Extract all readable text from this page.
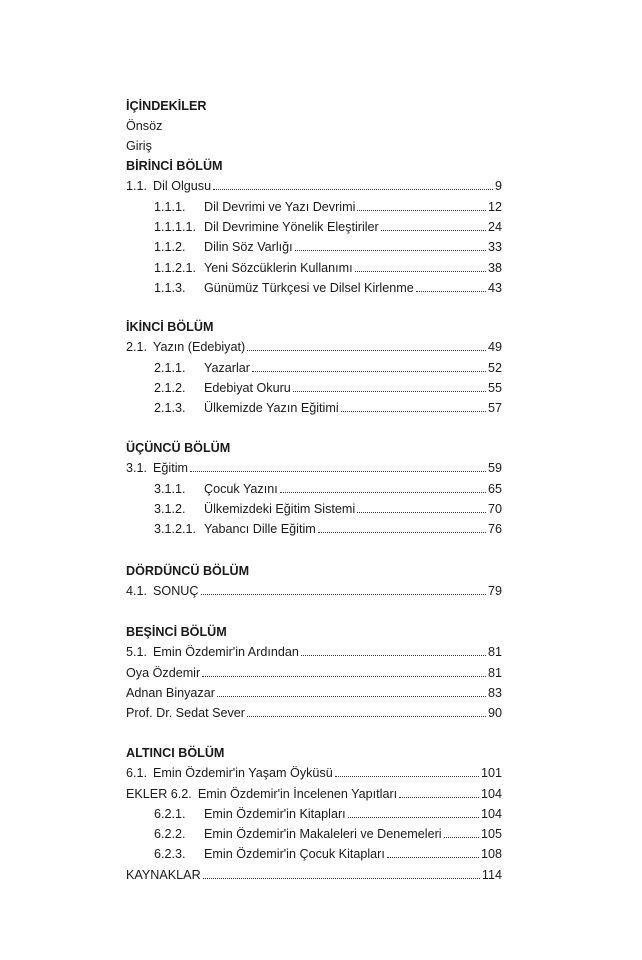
İÇİNDEKİLER
Önsöz
Giriş
BİRİNCİ BÖLÜM
1.1. Dil Olgusu	9
1.1.1.	Dil Devrimi ve Yazı Devrimi	12
1.1.1.1. Dil Devrimine Yönelik Eleştiriler	24
1.1.2.	Dilin Söz Varlığı	33
1.1.2.1. Yeni Sözcüklerin Kullanımı	38
1.1.3.	Günümüz Türkçesi ve Dilsel Kirlenme	43
İKİNCİ BÖLÜM
2.1. Yazın (Edebiyat)	49
2.1.1.	Yazarlar	52
2.1.2.	Edebiyat Okuru	55
2.1.3.	Ülkemizde Yazın Eğitimi	57
ÜÇÜNCÜ BÖLÜM
3.1. Eğitim	59
3.1.1.	Çocuk Yazını	65
3.1.2.	Ülkemizdeki Eğitim Sistemi	70
3.1.2.1. Yabancı Dille Eğitim	76
DÖRDÜNCÜ BÖLÜM
4.1. SONUÇ	79
BEŞİNCİ BÖLÜM
5.1. Emin Özdemir'in Ardından	81
Oya Özdemir	81
Adnan Binyazar	83
Prof. Dr. Sedat Sever	90
ALTINCI BÖLÜM
6.1. Emin Özdemir'in Yaşam Öyküsü	101
EKLER 6.2. Emin Özdemir'in İncelenen Yapıtları	104
6.2.1.	Emin Özdemir'in Kitapları	104
6.2.2.	Emin Özdemir'in Makaleleri ve Denemeleri	105
6.2.3.	Emin Özdemir'in Çocuk Kitapları	108
KAYNAKLAR	114
